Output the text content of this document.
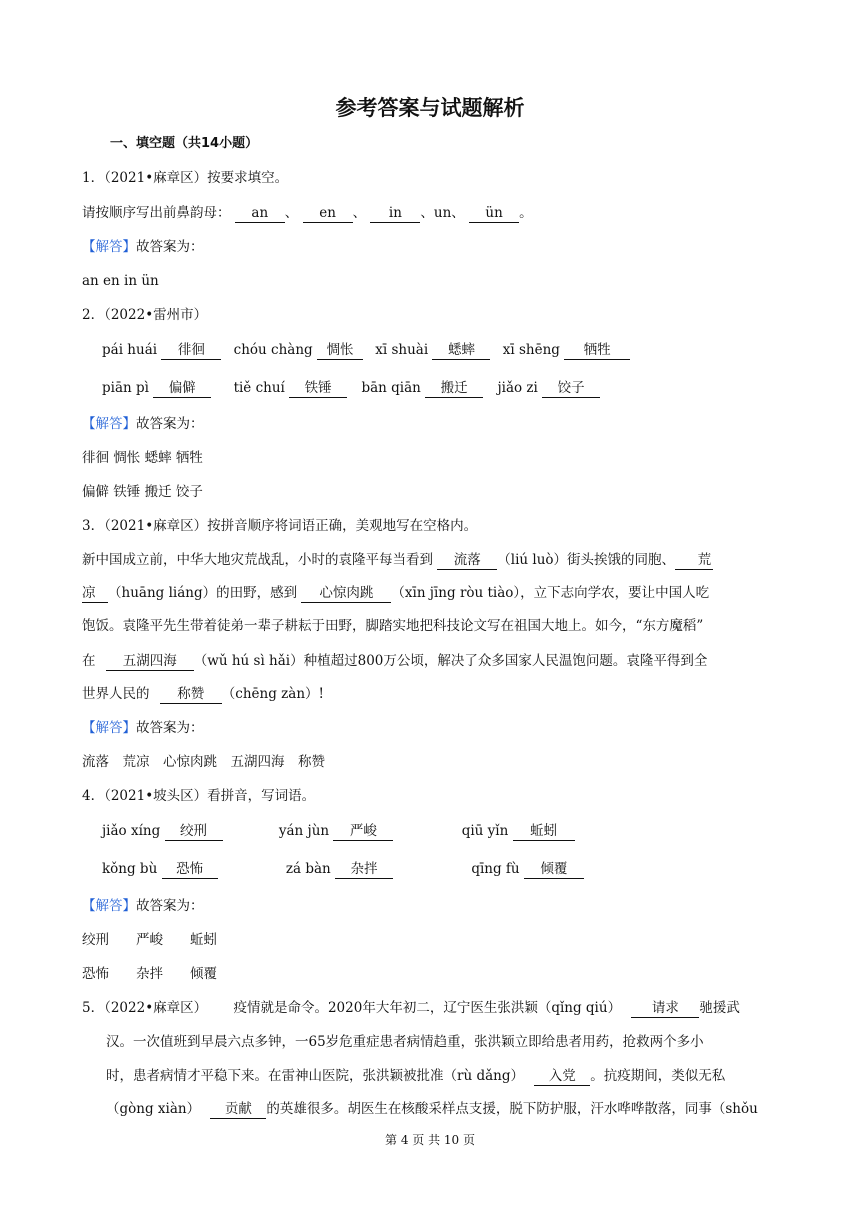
参考答案与试题解析
一、填空题（共14小题）
1．（2021•麻章区）按要求填空。
请按顺序写出前鼻韵母： an 、 en 、 in 、un、 ün 。
【解答】故答案为：
an en in ün
2．（2022•雷州市）
pái huái 徘徊 chóu chàng 惆怅 xī shuài 蟋蟀 xī shēng 牺牲
piān pì 偏僻	tiě chuí 铁锤 bān qiān 搬迁 jiǎo zi 饺子
【解答】故答案为：
徘徊 惆怅 蟋蟀 牺牲
偏僻 铁锤 搬迁 饺子
3．（2021•麻章区）按拼音顺序将词语正确，美观地写在空格内。
新中国成立前，中华大地灾荒战乱，小时的袁隆平每当看到 流落 （liú luò）街头挨饿的同胞、 荒
凉 （huāng liáng）的田野，感到 心惊肉跳 （xīn jīng ròu tiào），立下志向学农，要让中国人吃
饱饭。袁隆平先生带着徒弟一辈子耕耘于田野，脚踏实地把科技论文写在祖国大地上。如今，“东方魔稻”
在 五湖四海 （wǔ hú sì hǎi）种植超过800万公顷，解决了众多国家人民温饱问题。袁隆平得到全
世界人民的 称赞 （chēng zàn）!
【解答】故答案为：
流落　荒凉　心惊肉跳　五湖四海　称赞
4．（2021•坡头区）看拼音，写词语。
jiǎo xíng 绞刑	yán jùn 严峻	qiū yǐn 蚯蚓
kǒng bù 恐怖	zá bàn 杂拌	qīng fù 倾覆
【解答】故答案为：
绞刑　　严峻　　蚯蚓
恐怖　　杂拌　　倾覆
5．（2022•麻章区） 疫情就是命令。2020年大年初二，辽宁医生张洪颖（qǐng qiú） 请求 驰援武
汉。一次值班到早晨六点多钟，一65岁危重症患者病情趋重，张洪颖立即给患者用药，抢救两个多小
时，患者病情才平稳下来。在雷神山医院，张洪颖被批准（rù dǎng） 入党 。抗疫期间，类似无私
（gòng xiàn） 贡献 的英雄很多。胡医生在核酸采样点支援，脱下防护服，汗水哗哗散落，同事（shǒu
第 4 页 共 10 页
